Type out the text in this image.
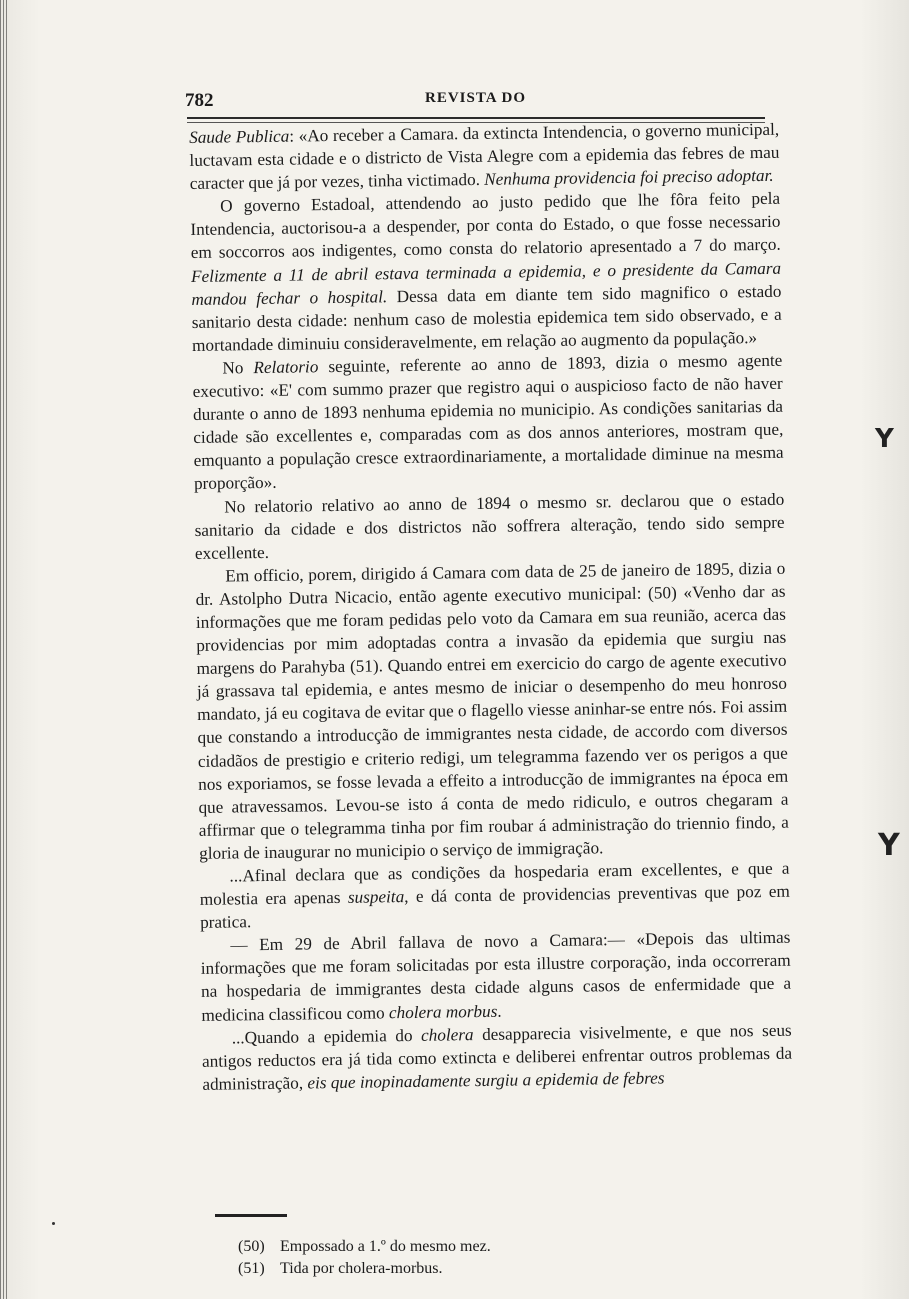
782	REVISTA DO

Saude Publica: «Ao receber a Camara. da extincta Intendencia, o governo municipal, luctavam esta cidade e o districto de Vista Alegre com a epidemia das febres de mau caracter que já por vezes, tinha victimado. Nenhuma providencia foi preciso adoptar.

O governo Estadoal, attendendo ao justo pedido que lhe fôra feito pela Intendencia, auctorisou-a a despender, por conta do Estado, o que fosse necessario em soccorros aos indigentes, como consta do relatorio apresentado a 7 do março. Felizmente a 11 de abril estava terminada a epidemia, e o presidente da Camara mandou fechar o hospital. Dessa data em diante tem sido magnifico o estado sanitario desta cidade: nenhum caso de molestia epidemica tem sido observado, e a mortandade diminuiu consideravelmente, em relação ao augmento da população.»

No Relatorio seguinte, referente ao anno de 1893, dizia o mesmo agente executivo: «E' com summo prazer que registro aqui o auspicioso facto de não haver durante o anno de 1893 nenhuma epidemia no municipio. As condições sanitarias da cidade são excellentes e, comparadas com as dos annos anteriores, mostram que, emquanto a população cresce extraordinariamente, a mortalidade diminue na mesma proporção».

No relatorio relativo ao anno de 1894 o mesmo sr. declarou que o estado sanitario da cidade e dos districtos não soffrera alteração, tendo sido sempre excellente.

Em officio, porem, dirigido á Camara com data de 25 de janeiro de 1895, dizia o dr. Astolpho Dutra Nicacio, então agente executivo municipal: (50) «Venho dar as informações que me foram pedidas pelo voto da Camara em sua reunião, acerca das providencias por mim adoptadas contra a invasão da epidemia que surgiu nas margens do Parahyba (51). Quando entrei em exercicio do cargo de agente executivo já grassava tal epidemia, e antes mesmo de iniciar o desempenho do meu honroso mandato, já eu cogitava de evitar que o flagello viesse aninhar-se entre nós. Foi assim que constando a introducção de immigrantes nesta cidade, de accordo com diversos cidadãos de prestigio e criterio redigi, um telegramma fazendo ver os perigos a que nos exporiamos, se fosse levada a effeito a introducção de immigrantes na época em que atravessamos. Levou-se isto á conta de medo ridiculo, e outros chegaram a affirmar que o telegramma tinha por fim roubar á administração do triennio findo, a gloria de inaugurar no municipio o serviço de immigração.

...Afinal declara que as condições da hospedaria eram excellentes, e que a molestia era apenas suspeita, e dá conta de providencias preventivas que poz em pratica.

— Em 29 de Abril fallava de novo a Camara:— «Depois das ultimas informações que me foram solicitadas por esta illustre corporação, inda occorreram na hospedaria de immigrantes desta cidade alguns casos de enfermidade que a medicina classificou como cholera morbus.

...Quando a epidemia do cholera desapparecia visivelmente, e que nos seus antigos reductos era já tida como extincta e deliberei enfrentar outros problemas da administração, eis que inopinadamente surgiu a epidemia de febres

(50) Empossado a 1.º do mesmo mez.
(51) Tida por cholera-morbus.
Y
Y
